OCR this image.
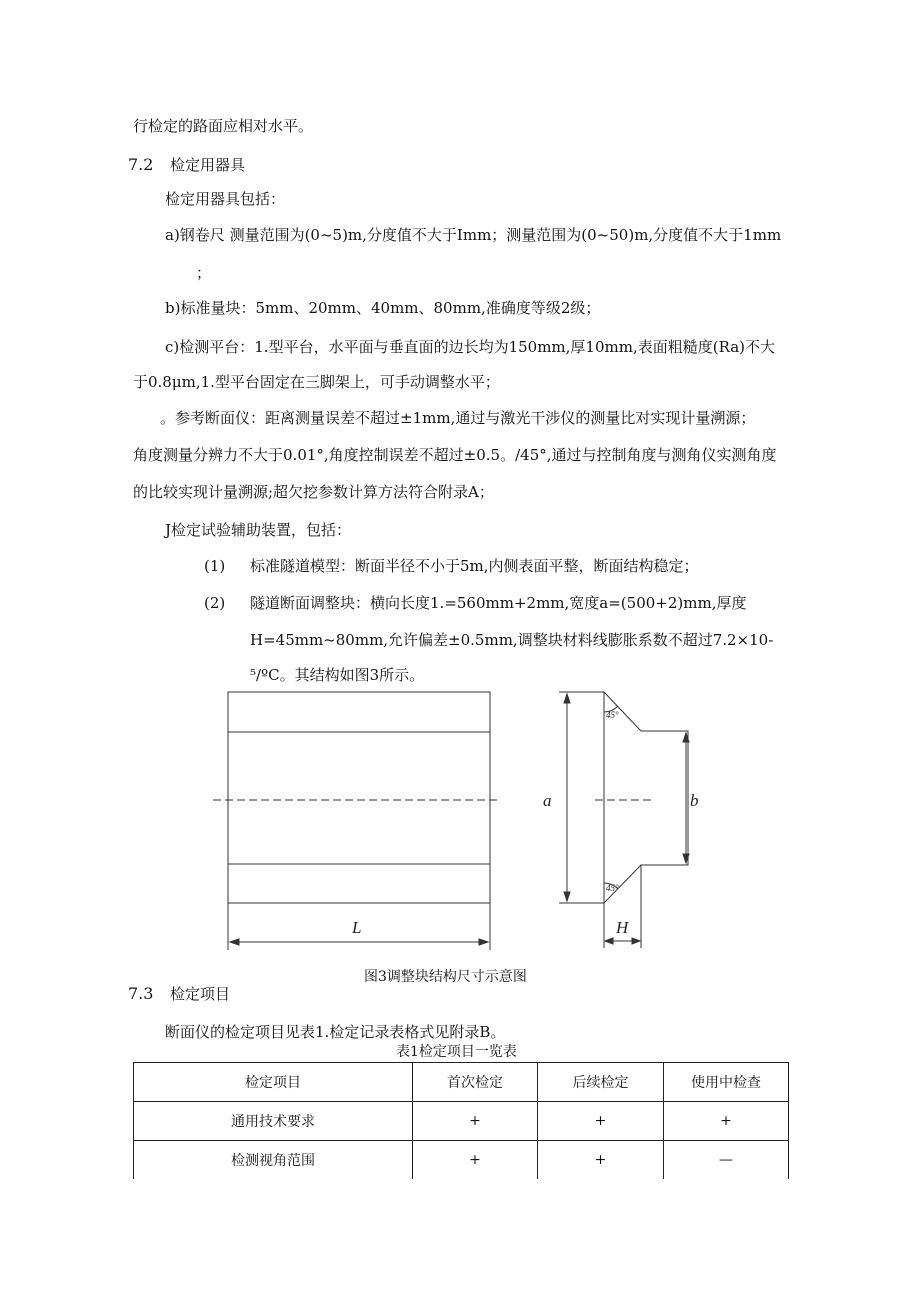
行检定的路面应相对水平。
7.2 检定用器具
检定用器具包括：
a)钢卷尺 测量范围为(0~5)m,分度值不大于Imm；测量范围为(0~50)m,分度值不大于1mm
；
b)标准量块：5mm、20mm、40mm、80mm,准确度等级2级；
c)检测平台：1.型平台，水平面与垂直面的边长均为150mm,厚10mm,表面粗糙度(Ra)不大
于0.8μm,1.型平台固定在三脚架上，可手动调整水平；
。参考断面仪：距离测量误差不超过±1mm,通过与激光干涉仪的测量比对实现计量溯源；
角度测量分辨力不大于0.01°,角度控制误差不超过±0.5。/45°,通过与控制角度与测角仪实测角度
的比较实现计量溯源;超欠挖参数计算方法符合附录A；
J检定试验辅助装置，包括：
(1) 标准隧道模型：断面半径不小于5m,内侧表面平整，断面结构稳定；
(2) 隧道断面调整块：横向长度1.=560mm+2mm,宽度a=(500+2)mm,厚度
H=45mm~80mm,允许偏差±0.5mm,调整块材料线膨胀系数不超过7.2×10-
⁵/ºC。其结构如图3所示。
L
a	b
H
45°
45°
图3调整块结构尺寸示意图
7.3 检定项目
断面仪的检定项目见表1.检定记录表格式见附录B。
表1检定项目一览表
检定项目	首次检定	后续检定	使用中检查
通用技术要求	+	+	+
检测视角范围	+	+	—
